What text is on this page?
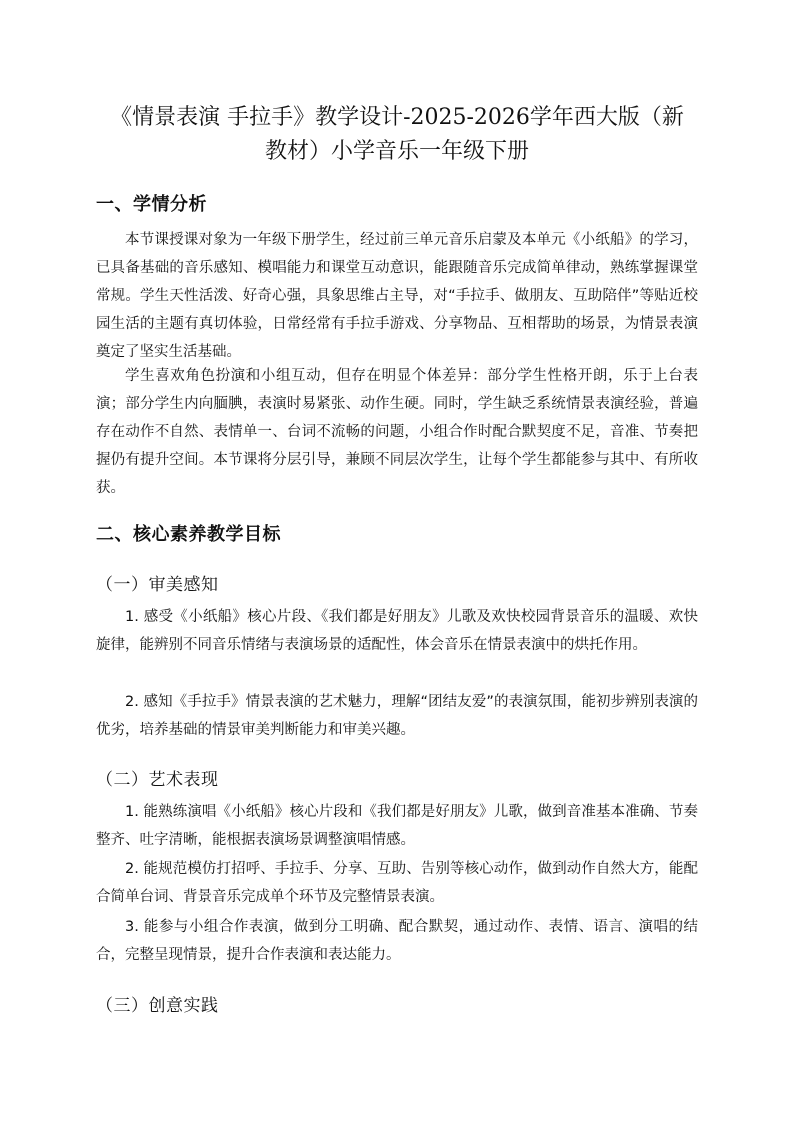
《情景表演 手拉手》教学设计-2025-2026学年西大版（新
教材）小学音乐一年级下册
一、学情分析
本节课授课对象为一年级下册学生，经过前三单元音乐启蒙及本单元《小纸船》的学习，已具备基础的音乐感知、模唱能力和课堂互动意识，能跟随音乐完成简单律动，熟练掌握课堂常规。学生天性活泼、好奇心强，具象思维占主导，对“手拉手、做朋友、互助陪伴”等贴近校园生活的主题有真切体验，日常经常有手拉手游戏、分享物品、互相帮助的场景，为情景表演奠定了坚实生活基础。
学生喜欢角色扮演和小组互动，但存在明显个体差异：部分学生性格开朗，乐于上台表演；部分学生内向腼腆，表演时易紧张、动作生硬。同时，学生缺乏系统情景表演经验，普遍存在动作不自然、表情单一、台词不流畅的问题，小组合作时配合默契度不足，音准、节奏把握仍有提升空间。本节课将分层引导，兼顾不同层次学生，让每个学生都能参与其中、有所收获。
二、核心素养教学目标
（一）审美感知
1. 感受《小纸船》核心片段、《我们都是好朋友》儿歌及欢快校园背景音乐的温暖、欢快旋律，能辨别不同音乐情绪与表演场景的适配性，体会音乐在情景表演中的烘托作用。
2. 感知《手拉手》情景表演的艺术魅力，理解“团结友爱”的表演氛围，能初步辨别表演的优劣，培养基础的情景审美判断能力和审美兴趣。
（二）艺术表现
1. 能熟练演唱《小纸船》核心片段和《我们都是好朋友》儿歌，做到音准基本准确、节奏整齐、吐字清晰，能根据表演场景调整演唱情感。
2. 能规范模仿打招呼、手拉手、分享、互助、告别等核心动作，做到动作自然大方，能配合简单台词、背景音乐完成单个环节及完整情景表演。
3. 能参与小组合作表演，做到分工明确、配合默契，通过动作、表情、语言、演唱的结合，完整呈现情景，提升合作表演和表达能力。
（三）创意实践
